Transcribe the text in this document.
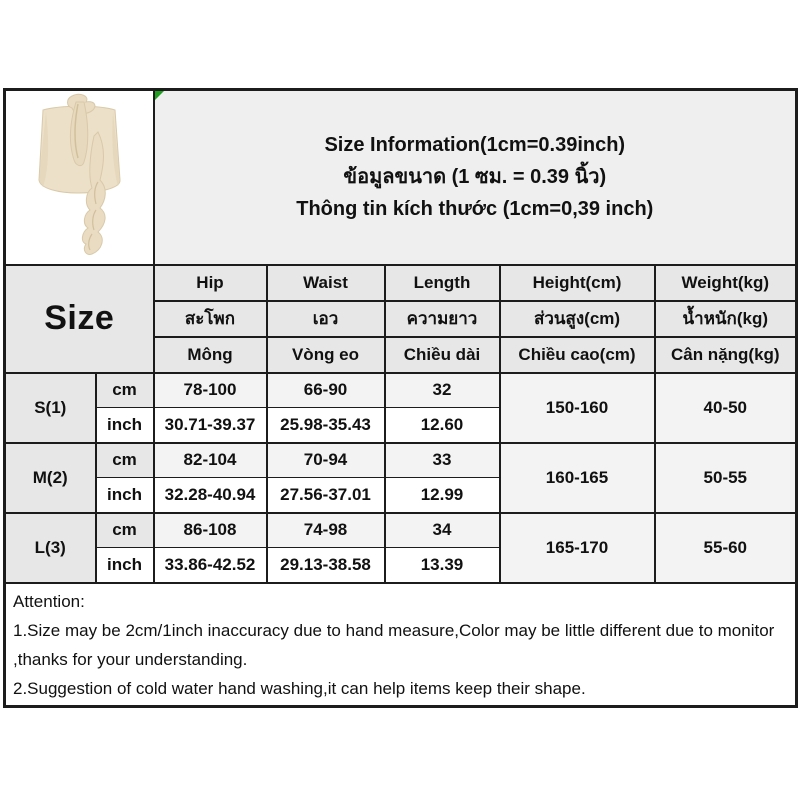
Size Information(1cm=0.39inch)
ข้อมูลขนาด (1 ซม. = 0.39 นิ้ว)
Thông tin kích thước (1cm=0,39 inch)				

Size		Hip	Waist	Length	Height(cm)	Weight(kg)
		สะโพก	เอว	ความยาว	ส่วนสูง(cm)	น้ำหนัก(kg)
		Mông	Vòng eo	Chiều dài	Chiều cao(cm)	Cân nặng(kg)
S(1)	cm	78-100	66-90	32	150-160	40-50
	inch	30.71-39.37	25.98-35.43	12.60		
M(2)	cm	82-104	70-94	33	160-165	50-55
	inch	32.28-40.94	27.56-37.01	12.99		
L(3)	cm	86-108	74-98	34	165-170	55-60
	inch	33.86-42.52	29.13-38.58	13.39		

Attention:
1.Size may be 2cm/1inch inaccuracy due to hand measure,Color may be little different due to monitor ,thanks for your understanding.
2.Suggestion of cold water hand washing,it can help items keep their shape.						
